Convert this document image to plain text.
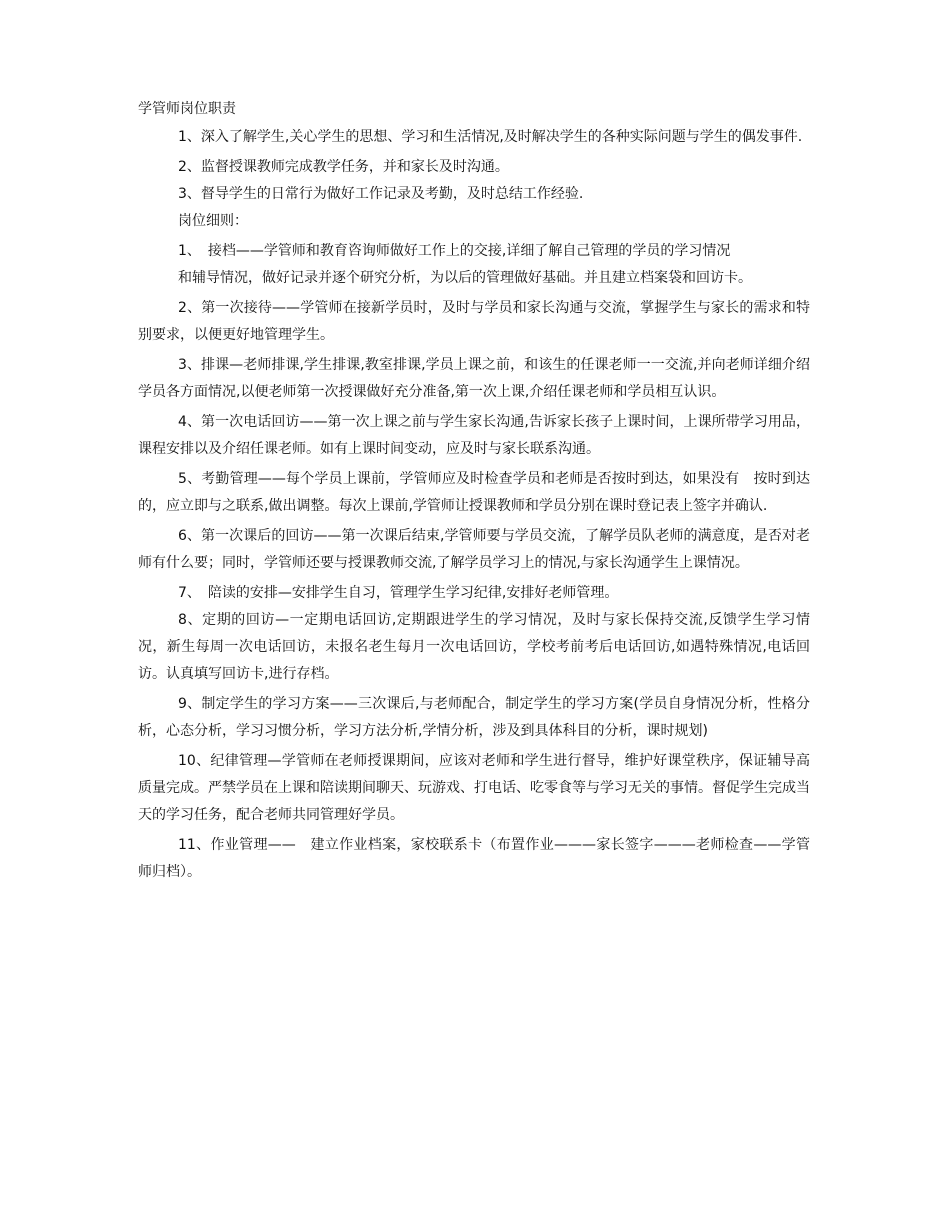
学管师岗位职责

1、深入了解学生,关心学生的思想、学习和生活情况,及时解决学生的各种实际问题与学生的偶发事件.

2、监督授课教师完成教学任务，并和家长及时沟通。

3、督导学生的日常行为做好工作记录及考勤，及时总结工作经验.

岗位细则：

1、　接档——学管师和教育咨询师做好工作上的交接,详细了解自己管理的学员的学习情况

和辅导情况，做好记录并逐个研究分析，为以后的管理做好基础。并且建立档案袋和回访卡。

2、第一次接待——学管师在接新学员时，及时与学员和家长沟通与交流，掌握学生与家长的需求和特别要求，以便更好地管理学生。

3、排课—老师排课,学生排课,教室排课,学员上课之前，和该生的任课老师一一交流,并向老师详细介绍学员各方面情况,以便老师第一次授课做好充分准备,第一次上课,介绍任课老师和学员相互认识。

4、第一次电话回访——第一次上课之前与学生家长沟通,告诉家长孩子上课时间，上课所带学习用品，课程安排以及介绍任课老师。如有上课时间变动，应及时与家长联系沟通。

5、考勤管理——每个学员上课前，学管师应及时检查学员和老师是否按时到达，如果没有　按时到达的，应立即与之联系,做出调整。每次上课前,学管师让授课教师和学员分别在课时登记表上签字并确认.

6、第一次课后的回访——第一次课后结束,学管师要与学员交流，了解学员队老师的满意度，是否对老师有什么要；同时，学管师还要与授课教师交流,了解学员学习上的情况,与家长沟通学生上课情况。

7、　陪读的安排—安排学生自习，管理学生学习纪律,安排好老师管理。

8、定期的回访—一定期电话回访,定期跟进学生的学习情况，及时与家长保持交流,反馈学生学习情况，新生每周一次电话回访，未报名老生每月一次电话回访，学校考前考后电话回访,如遇特殊情况,电话回访。认真填写回访卡,进行存档。

9、制定学生的学习方案——三次课后,与老师配合，制定学生的学习方案(学员自身情况分析，性格分析，心态分析，学习习惯分析，学习方法分析,学情分析，涉及到具体科目的分析，课时规划)

10、纪律管理—学管师在老师授课期间，应该对老师和学生进行督导，维护好课堂秩序，保证辅导高质量完成。严禁学员在上课和陪读期间聊天、玩游戏、打电话、吃零食等与学习无关的事情。督促学生完成当天的学习任务，配合老师共同管理好学员。

11、作业管理——　建立作业档案，家校联系卡（布置作业———家长签字———老师检查——学管师归档）。
